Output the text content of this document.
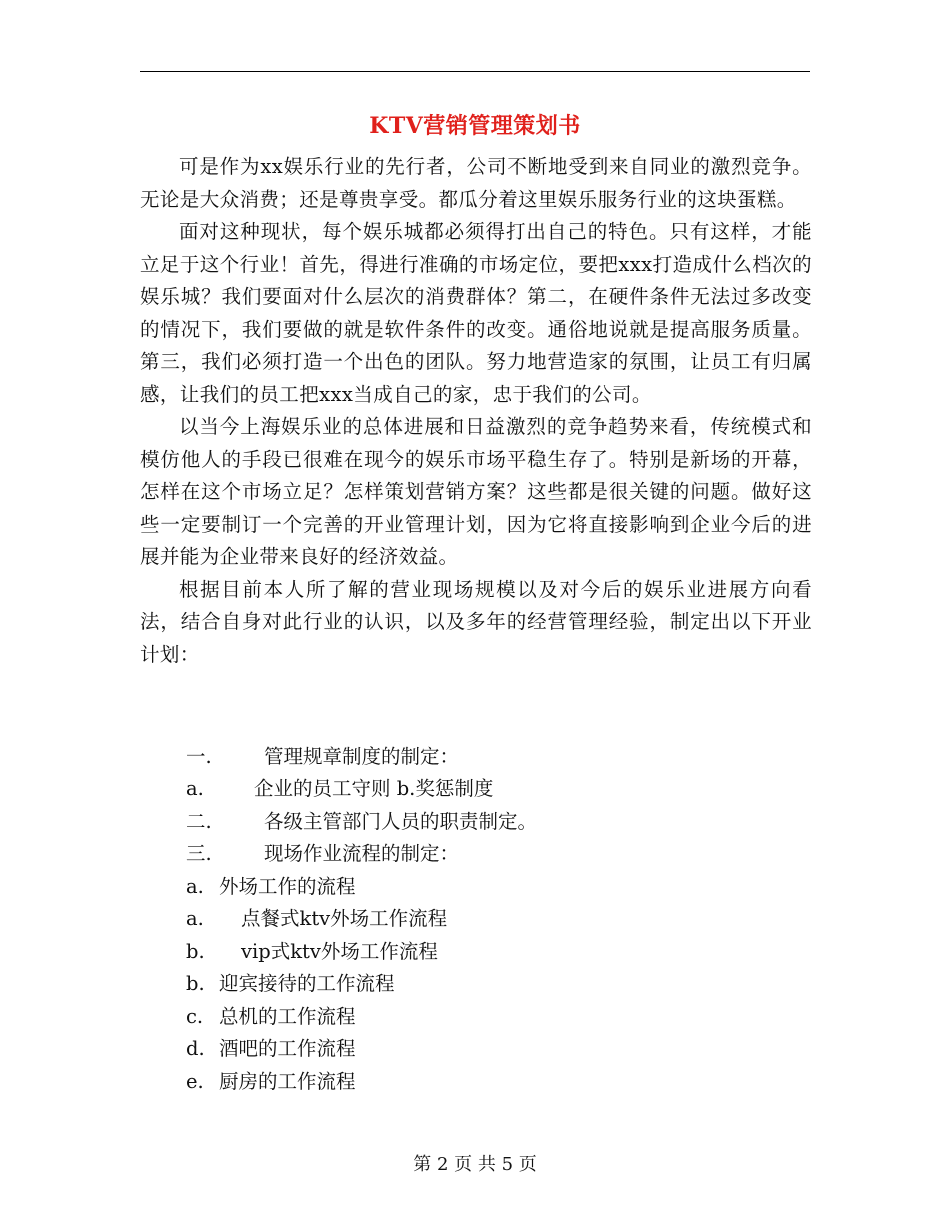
KTV营销管理策划书

可是作为xx娱乐行业的先行者，公司不断地受到来自同业的激烈竞争。无论是大众消费；还是尊贵享受。都瓜分着这里娱乐服务行业的这块蛋糕。

面对这种现状，每个娱乐城都必须得打出自己的特色。只有这样，才能立足于这个行业！首先，得进行准确的市场定位，要把xxx打造成什么档次的娱乐城？我们要面对什么层次的消费群体？第二，在硬件条件无法过多改变的情况下，我们要做的就是软件条件的改变。通俗地说就是提高服务质量。第三，我们必须打造一个出色的团队。努力地营造家的氛围，让员工有归属感，让我们的员工把xxx当成自己的家，忠于我们的公司。

以当今上海娱乐业的总体进展和日益激烈的竞争趋势来看，传统模式和模仿他人的手段已很难在现今的娱乐市场平稳生存了。特别是新场的开幕，怎样在这个市场立足？怎样策划营销方案？这些都是很关键的问题。做好这些一定要制订一个完善的开业管理计划，因为它将直接影响到企业今后的进展并能为企业带来良好的经济效益。

根据目前本人所了解的营业现场规模以及对今后的娱乐业进展方向看法，结合自身对此行业的认识，以及多年的经营管理经验，制定出以下开业计划：

一.	管理规章制度的制定：
a.	企业的员工守则 b.奖惩制度
二.	各级主管部门人员的职责制定。
三.	现场作业流程的制定：
a. 外场工作的流程
a. 点餐式ktv外场工作流程
b. vip式ktv外场工作流程
b. 迎宾接待的工作流程
c. 总机的工作流程
d. 酒吧的工作流程
e. 厨房的工作流程
第 2 页 共 5 页
